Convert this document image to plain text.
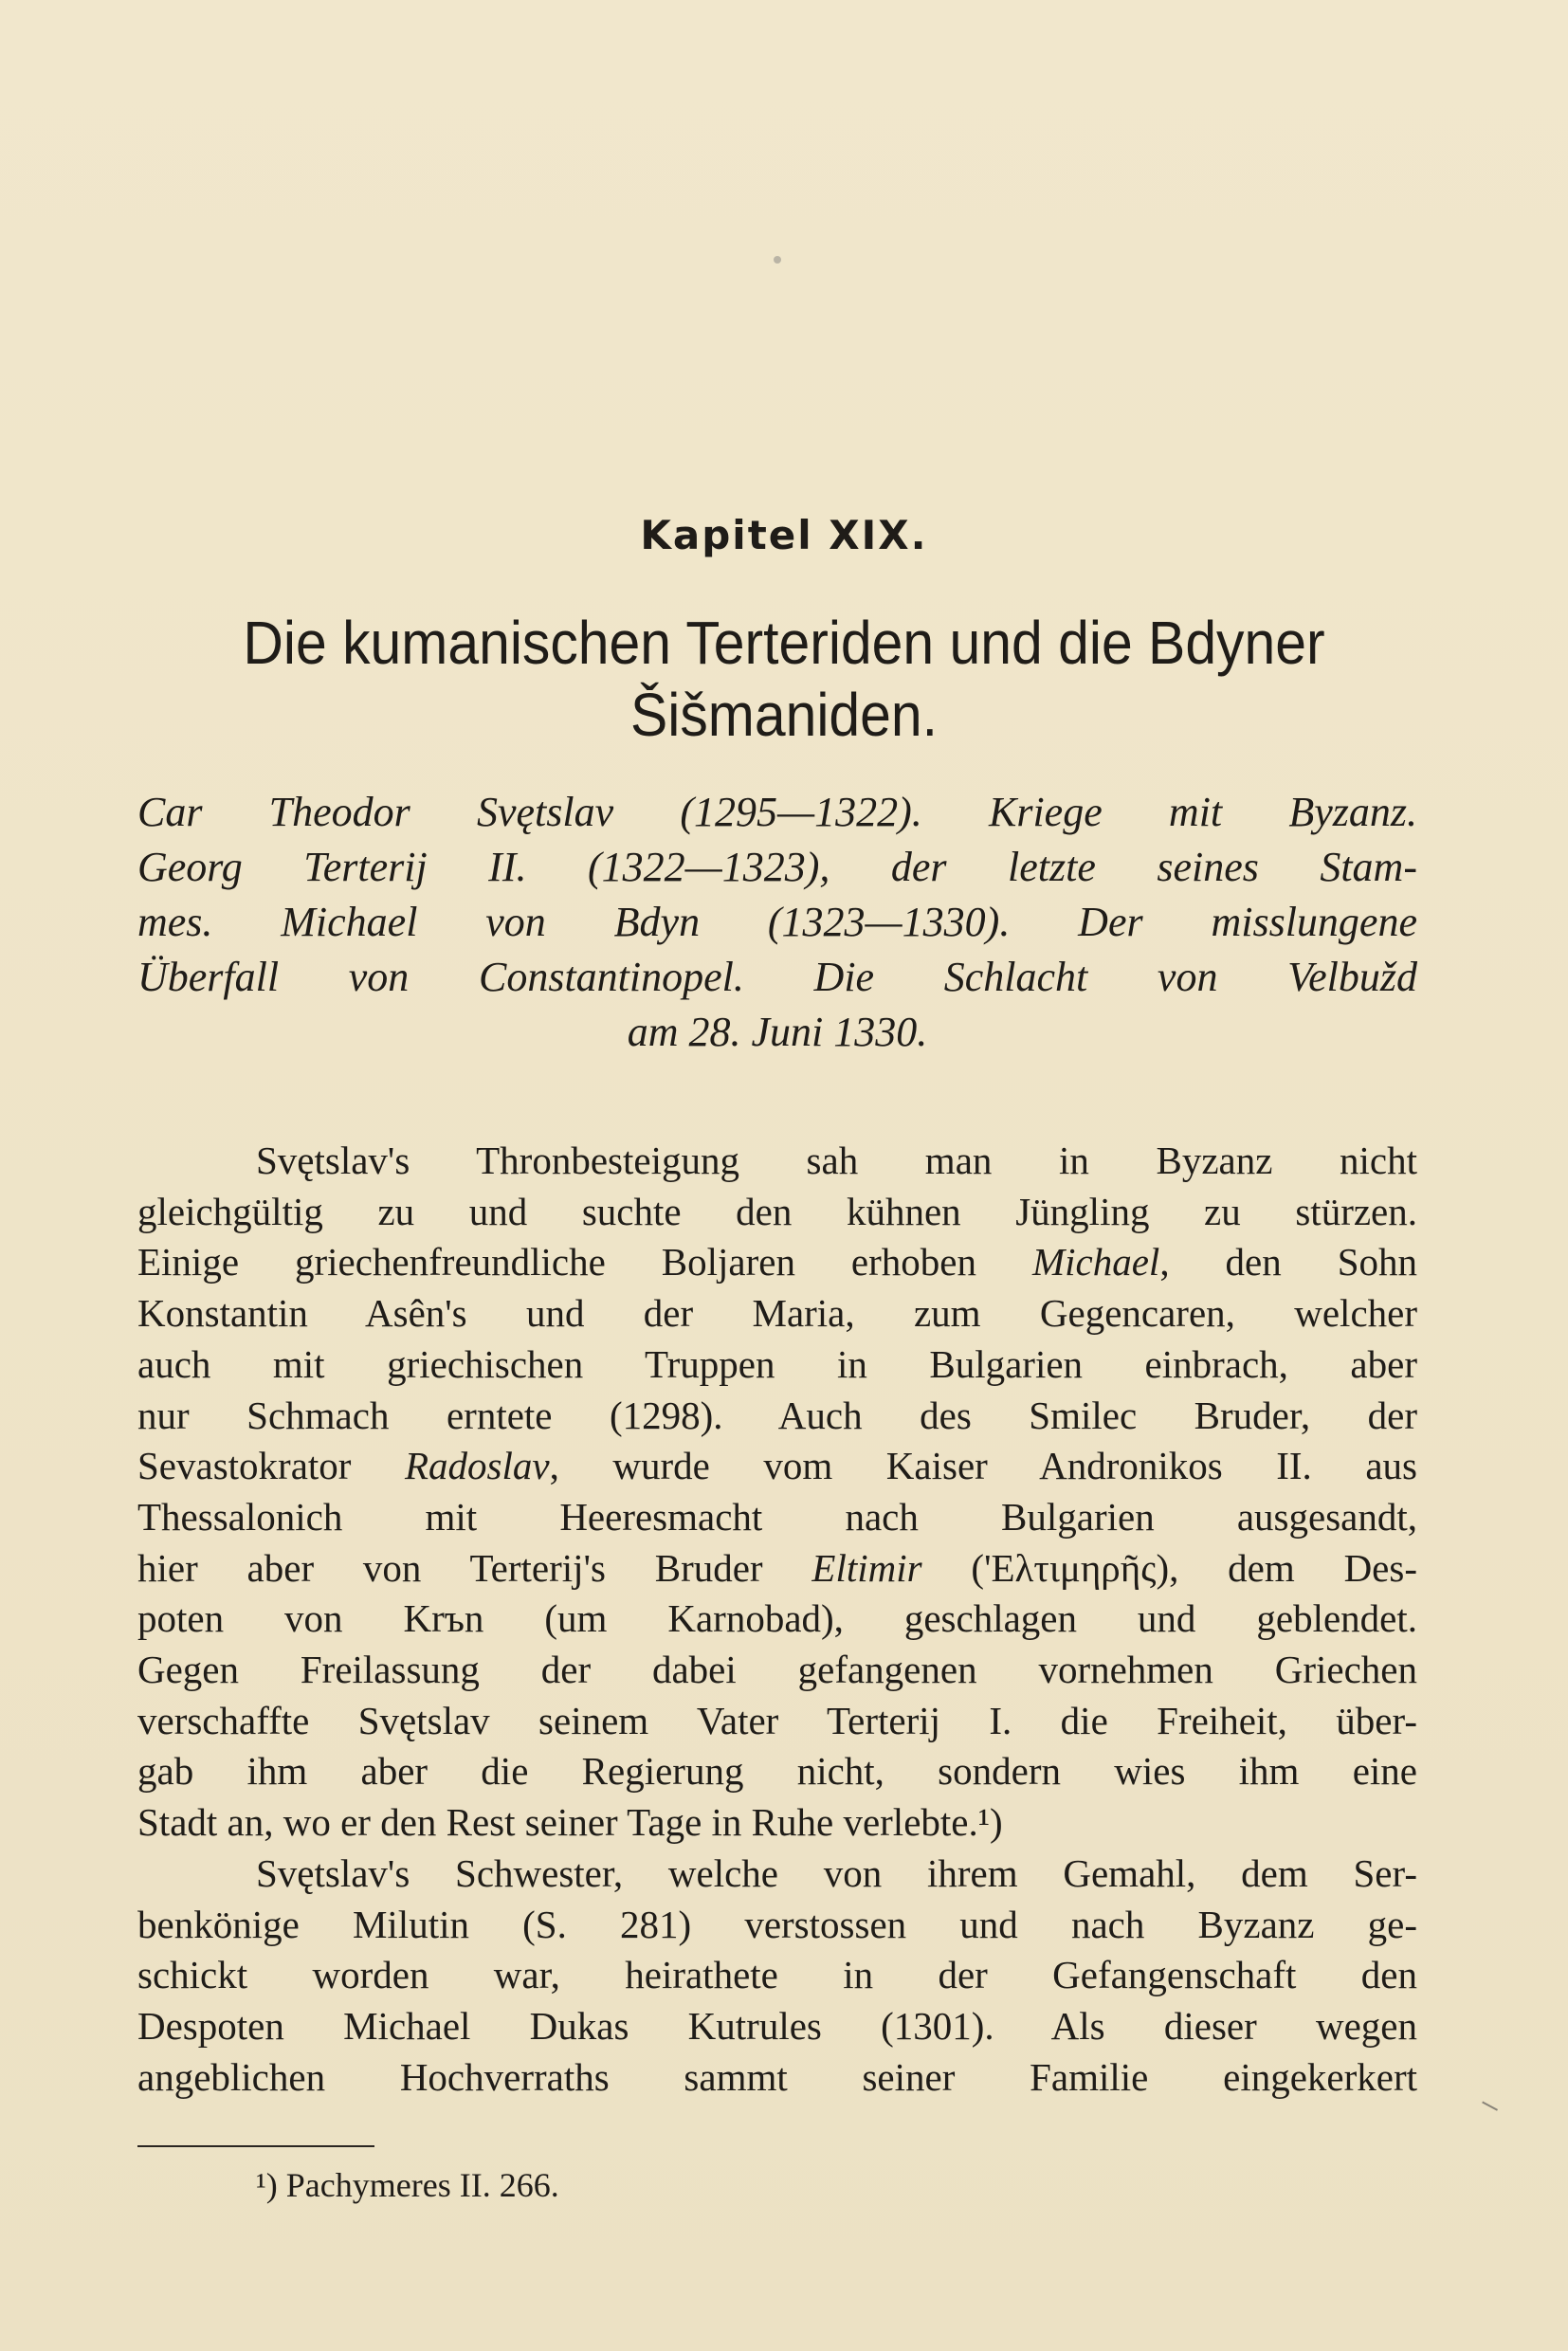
Kapitel XIX.
Die kumanischen Terteriden und die Bdyner
Šišmaniden.
Car Theodor Svętslav (1295—1322). Kriege mit Byzanz.
Georg Terterij II. (1322—1323), der letzte seines Stam-
mes. Michael von Bdyn (1323—1330). Der misslungene
Überfall von Constantinopel. Die Schlacht von Velbužd
am 28. Juni 1330.
Svętslav's Thronbesteigung sah man in Byzanz nicht
gleichgültig zu und suchte den kühnen Jüngling zu stürzen.
Einige griechenfreundliche Boljaren erhoben Michael, den Sohn
Konstantin Asên's und der Maria, zum Gegencaren, welcher
auch mit griechischen Truppen in Bulgarien einbrach, aber
nur Schmach erntete (1298). Auch des Smilec Bruder, der
Sevastokrator Radoslav, wurde vom Kaiser Andronikos II. aus
Thessalonich mit Heeresmacht nach Bulgarien ausgesandt,
hier aber von Terterij's Bruder Eltimir ('Ελτιμηρῆς), dem Des-
poten von Krъn (um Karnobad), geschlagen und geblendet.
Gegen Freilassung der dabei gefangenen vornehmen Griechen
verschaffte Svętslav seinem Vater Terterij I. die Freiheit, über-
gab ihm aber die Regierung nicht, sondern wies ihm eine
Stadt an, wo er den Rest seiner Tage in Ruhe verlebte.¹)
Svętslav's Schwester, welche von ihrem Gemahl, dem Ser-
benkönige Milutin (S. 281) verstossen und nach Byzanz ge-
schickt worden war, heirathete in der Gefangenschaft den
Despoten Michael Dukas Kutrules (1301). Als dieser wegen
angeblichen Hochverraths sammt seiner Familie eingekerkert
¹) Pachymeres II. 266.
